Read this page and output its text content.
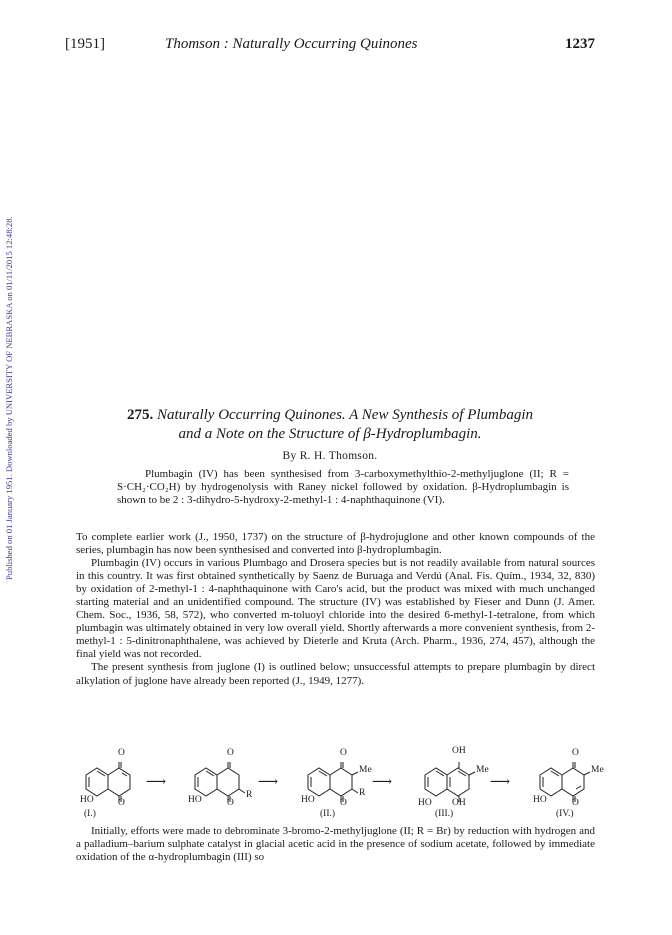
[1951]	Thomson : Naturally Occurring Quinones	1237
Published on 01 January 1951. Downloaded by UNIVERSITY OF NEBRASKA on 01/11/2015 12:48:28.	275. Naturally Occurring Quinones. A New Synthesis of Plumbagin
and a Note on the Structure of β-Hydroplumbagin.
By R. H. Thomson.

Plumbagin (IV) has been synthesised from 3-carboxymethylthio-2-methyljuglone (II; R = S·CH₂·CO₂H) by hydrogenolysis with Raney nickel followed by oxidation. β-Hydroplumbagin is shown to be 2 : 3-dihydro-5-hydroxy-2-methyl-1 : 4-naphthaquinone (VI).

To complete earlier work (J., 1950, 1737) on the structure of β-hydrojuglone and other known compounds of the series, plumbagin has now been synthesised and converted into β-hydroplumbagin.

Plumbagin (IV) occurs in various Plumbago and Drosera species but is not readily available from natural sources in this country. It was first obtained synthetically by Saenz de Buruaga and Verdú (Anal. Fis. Quím., 1934, 32, 830) by oxidation of 2-methyl-1 : 4-naphthaquinone with Caro's acid, but the product was mixed with much unchanged starting material and an unidentified compound. The structure (IV) was established by Fieser and Dunn (J. Amer. Chem. Soc., 1936, 58, 572), who converted m-toluoyl chloride into the desired 6-methyl-1-tetralone, from which plumbagin was ultimately obtained in very low overall yield. Shortly afterwards a more convenient synthesis, from 2-methyl-1 : 5-dinitronaphthalene, was achieved by Dieterle and Kruta (Arch. Pharm., 1936, 274, 457), although the final yield was not recorded.

The present synthesis from juglone (I) is outlined below; unsuccessful attempts to prepare plumbagin by direct alkylation of juglone have already been reported (J., 1949, 1277).

⟶	⟶	⟶	⟶
O
HO	O
O
R
HO	O
O
Me
R
HO	O
OH
Me
HO OH
O
Me
HO	O
(I.)	(II.)	(III.)	(IV.)

Initially, efforts were made to debrominate 3-bromo-2-methyljuglone (II; R = Br) by reduction with hydrogen and a palladium–barium sulphate catalyst in glacial acetic acid in the presence of sodium acetate, followed by immediate oxidation of the α-hydroplumbagin (III) so
